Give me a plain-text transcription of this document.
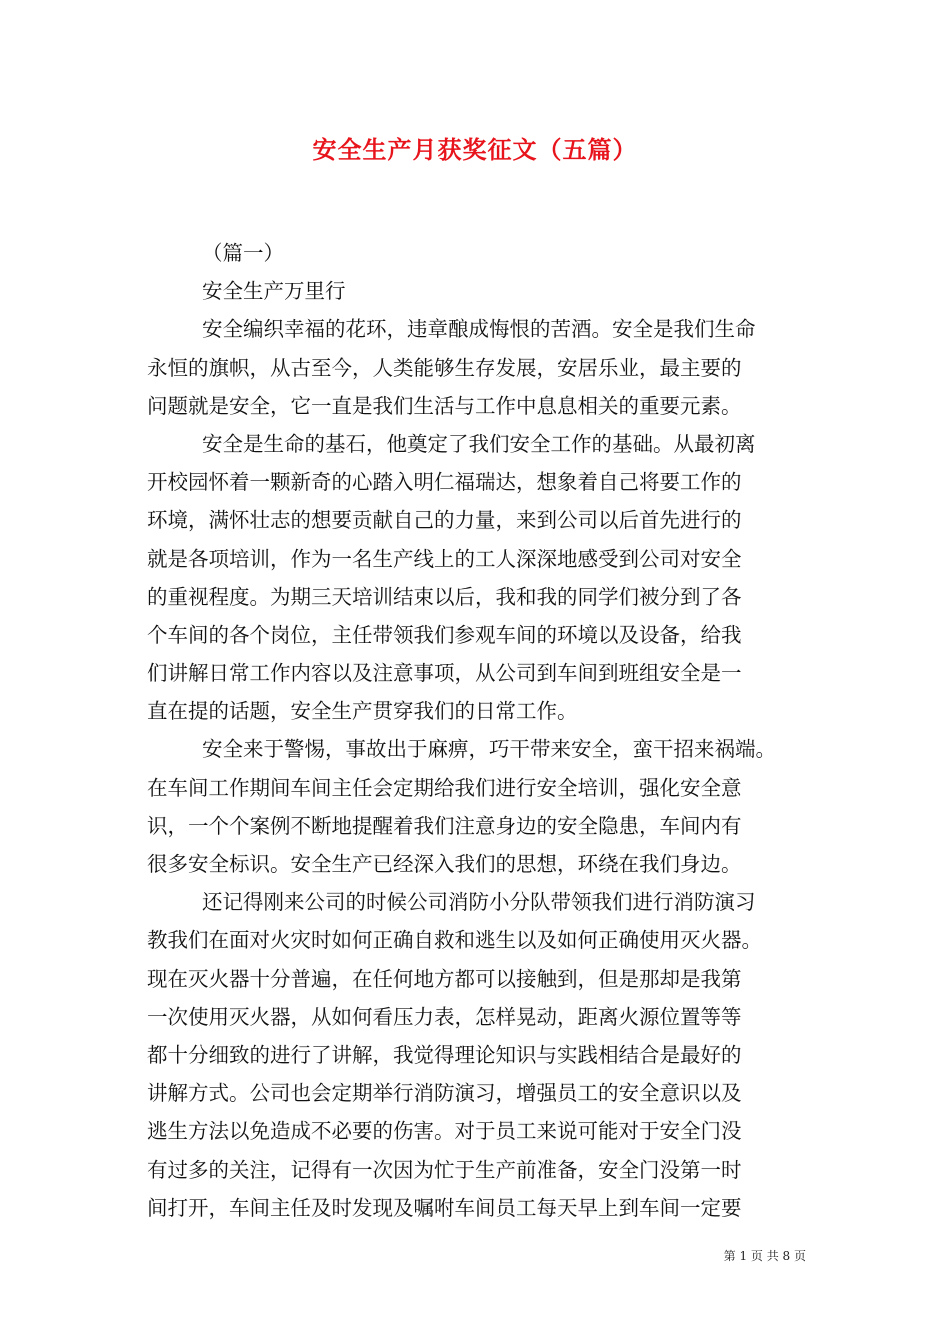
安全生产月获奖征文（五篇）
（篇一）
安全生产万里行
安全编织幸福的花环，违章酿成悔恨的苦酒。安全是我们生命
永恒的旗帜，从古至今，人类能够生存发展，安居乐业，最主要的
问题就是安全，它一直是我们生活与工作中息息相关的重要元素。
安全是生命的基石，他奠定了我们安全工作的基础。从最初离
开校园怀着一颗新奇的心踏入明仁福瑞达，想象着自己将要工作的
环境，满怀壮志的想要贡献自己的力量，来到公司以后首先进行的
就是各项培训，作为一名生产线上的工人深深地感受到公司对安全
的重视程度。为期三天培训结束以后，我和我的同学们被分到了各
个车间的各个岗位，主任带领我们参观车间的环境以及设备，给我
们讲解日常工作内容以及注意事项，从公司到车间到班组安全是一
直在提的话题，安全生产贯穿我们的日常工作。
安全来于警惕，事故出于麻痹，巧干带来安全，蛮干招来祸端。
在车间工作期间车间主任会定期给我们进行安全培训，强化安全意
识，一个个案例不断地提醒着我们注意身边的安全隐患，车间内有
很多安全标识。安全生产已经深入我们的思想，环绕在我们身边。
还记得刚来公司的时候公司消防小分队带领我们进行消防演习
教我们在面对火灾时如何正确自救和逃生以及如何正确使用灭火器。
现在灭火器十分普遍，在任何地方都可以接触到，但是那却是我第
一次使用灭火器，从如何看压力表，怎样晃动，距离火源位置等等
都十分细致的进行了讲解，我觉得理论知识与实践相结合是最好的
讲解方式。公司也会定期举行消防演习，增强员工的安全意识以及
逃生方法以免造成不必要的伤害。对于员工来说可能对于安全门没
有过多的关注，记得有一次因为忙于生产前准备，安全门没第一时
间打开，车间主任及时发现及嘱咐车间员工每天早上到车间一定要
第 1 页 共 8 页
